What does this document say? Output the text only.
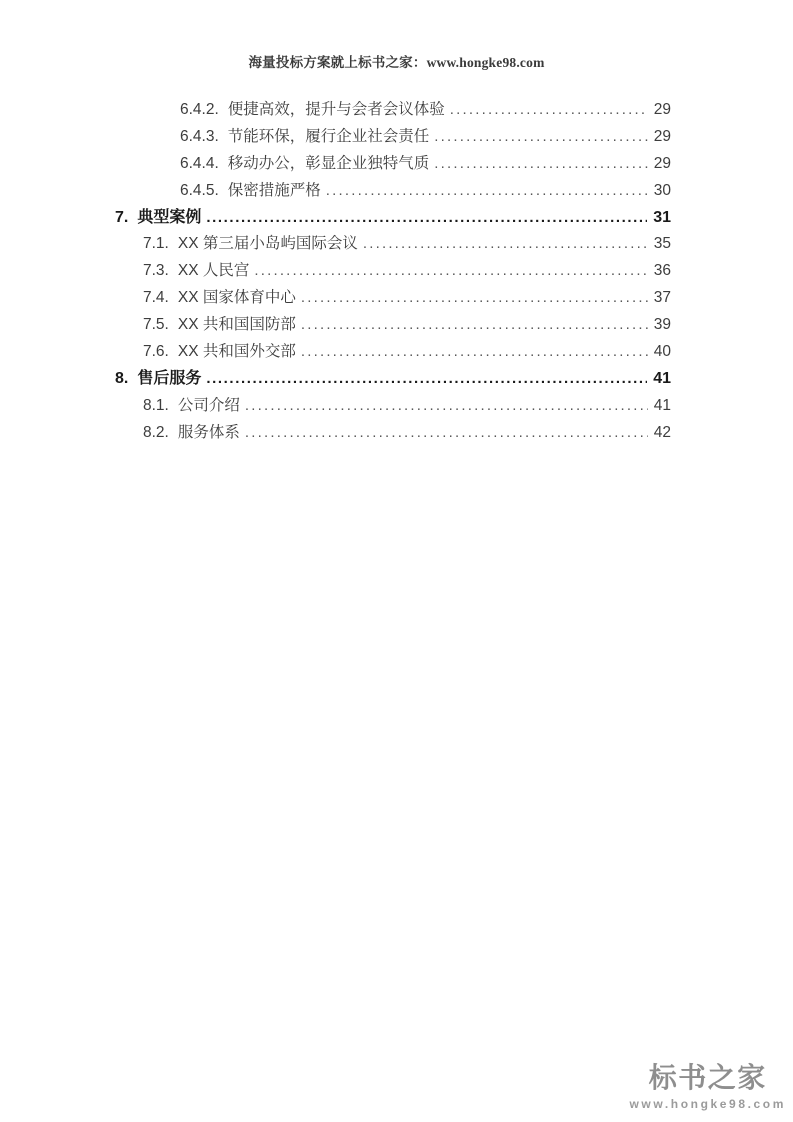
海量投标方案就上标书之家：www.hongke98.com
6.4.2. 便捷高效，提升与会者会议体验 .....	29
6.4.3. 节能环保，履行企业社会责任 .....	29
6.4.4. 移动办公，彰显企业独特气质 .....	29
6.4.5. 保密措施严格 .....	30
7. 典型案例 .....	31
7.1. XX 第三届小岛屿国际会议 .....	35
7.3. XX 人民宫 .....	36
7.4. XX 国家体育中心 .....	37
7.5. XX 共和国国防部 .....	39
7.6. XX 共和国外交部 .....	40
8. 售后服务 .....	41
8.1. 公司介绍 .....	41
8.2. 服务体系 .....	42
标书之家
www.hongke98.com
